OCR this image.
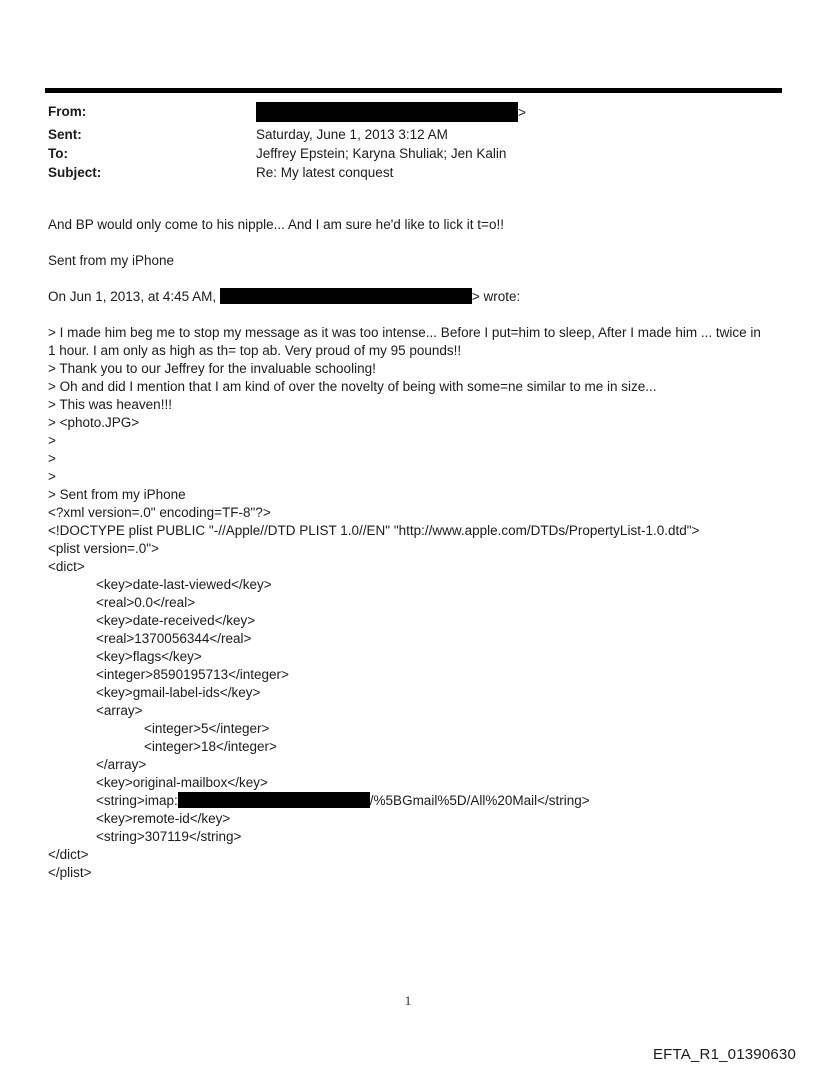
From:	>
Sent:	Saturday, June 1, 2013 3:12 AM
To:	Jeffrey Epstein; Karyna Shuliak; Jen Kalin
Subject:	Re: My latest conquest
And BP would only come to his nipple... And I am sure he'd like to lick it t=o!!
Sent from my iPhone
On Jun 1, 2013, at 4:45 AM,	> wrote:
> I made him beg me to stop my message as it was too intense... Before I put=him to sleep, After I made him ... twice in
1 hour. I am only as high as th= top ab. Very proud of my 95 pounds!!
> Thank you to our Jeffrey for the invaluable schooling!
> Oh and did I mention that I am kind of over the novelty of being with some=ne similar to me in size...
> This was heaven!!!
> <photo.JPG>
>
>
>
> Sent from my iPhone
<?xml version=.0" encoding=TF-8"?>
<!DOCTYPE plist PUBLIC "-//Apple//DTD PLIST 1.0//EN" "http://www.apple.com/DTDs/PropertyList-1.0.dtd">
<plist version=.0">
<dict>
<key>date-last-viewed</key>
<real>0.0</real>
<key>date-received</key>
<real>1370056344</real>
<key>flags</key>
<integer>8590195713</integer>
<key>gmail-label-ids</key>
<array>
<integer>5</integer>
<integer>18</integer>
</array>
<key>original-mailbox</key>
<string>imap:	/%5BGmail%5D/All%20Mail</string>
<key>remote-id</key>
<string>307119</string>
</dict>
</plist>
1
EFTA_R1_01390630
